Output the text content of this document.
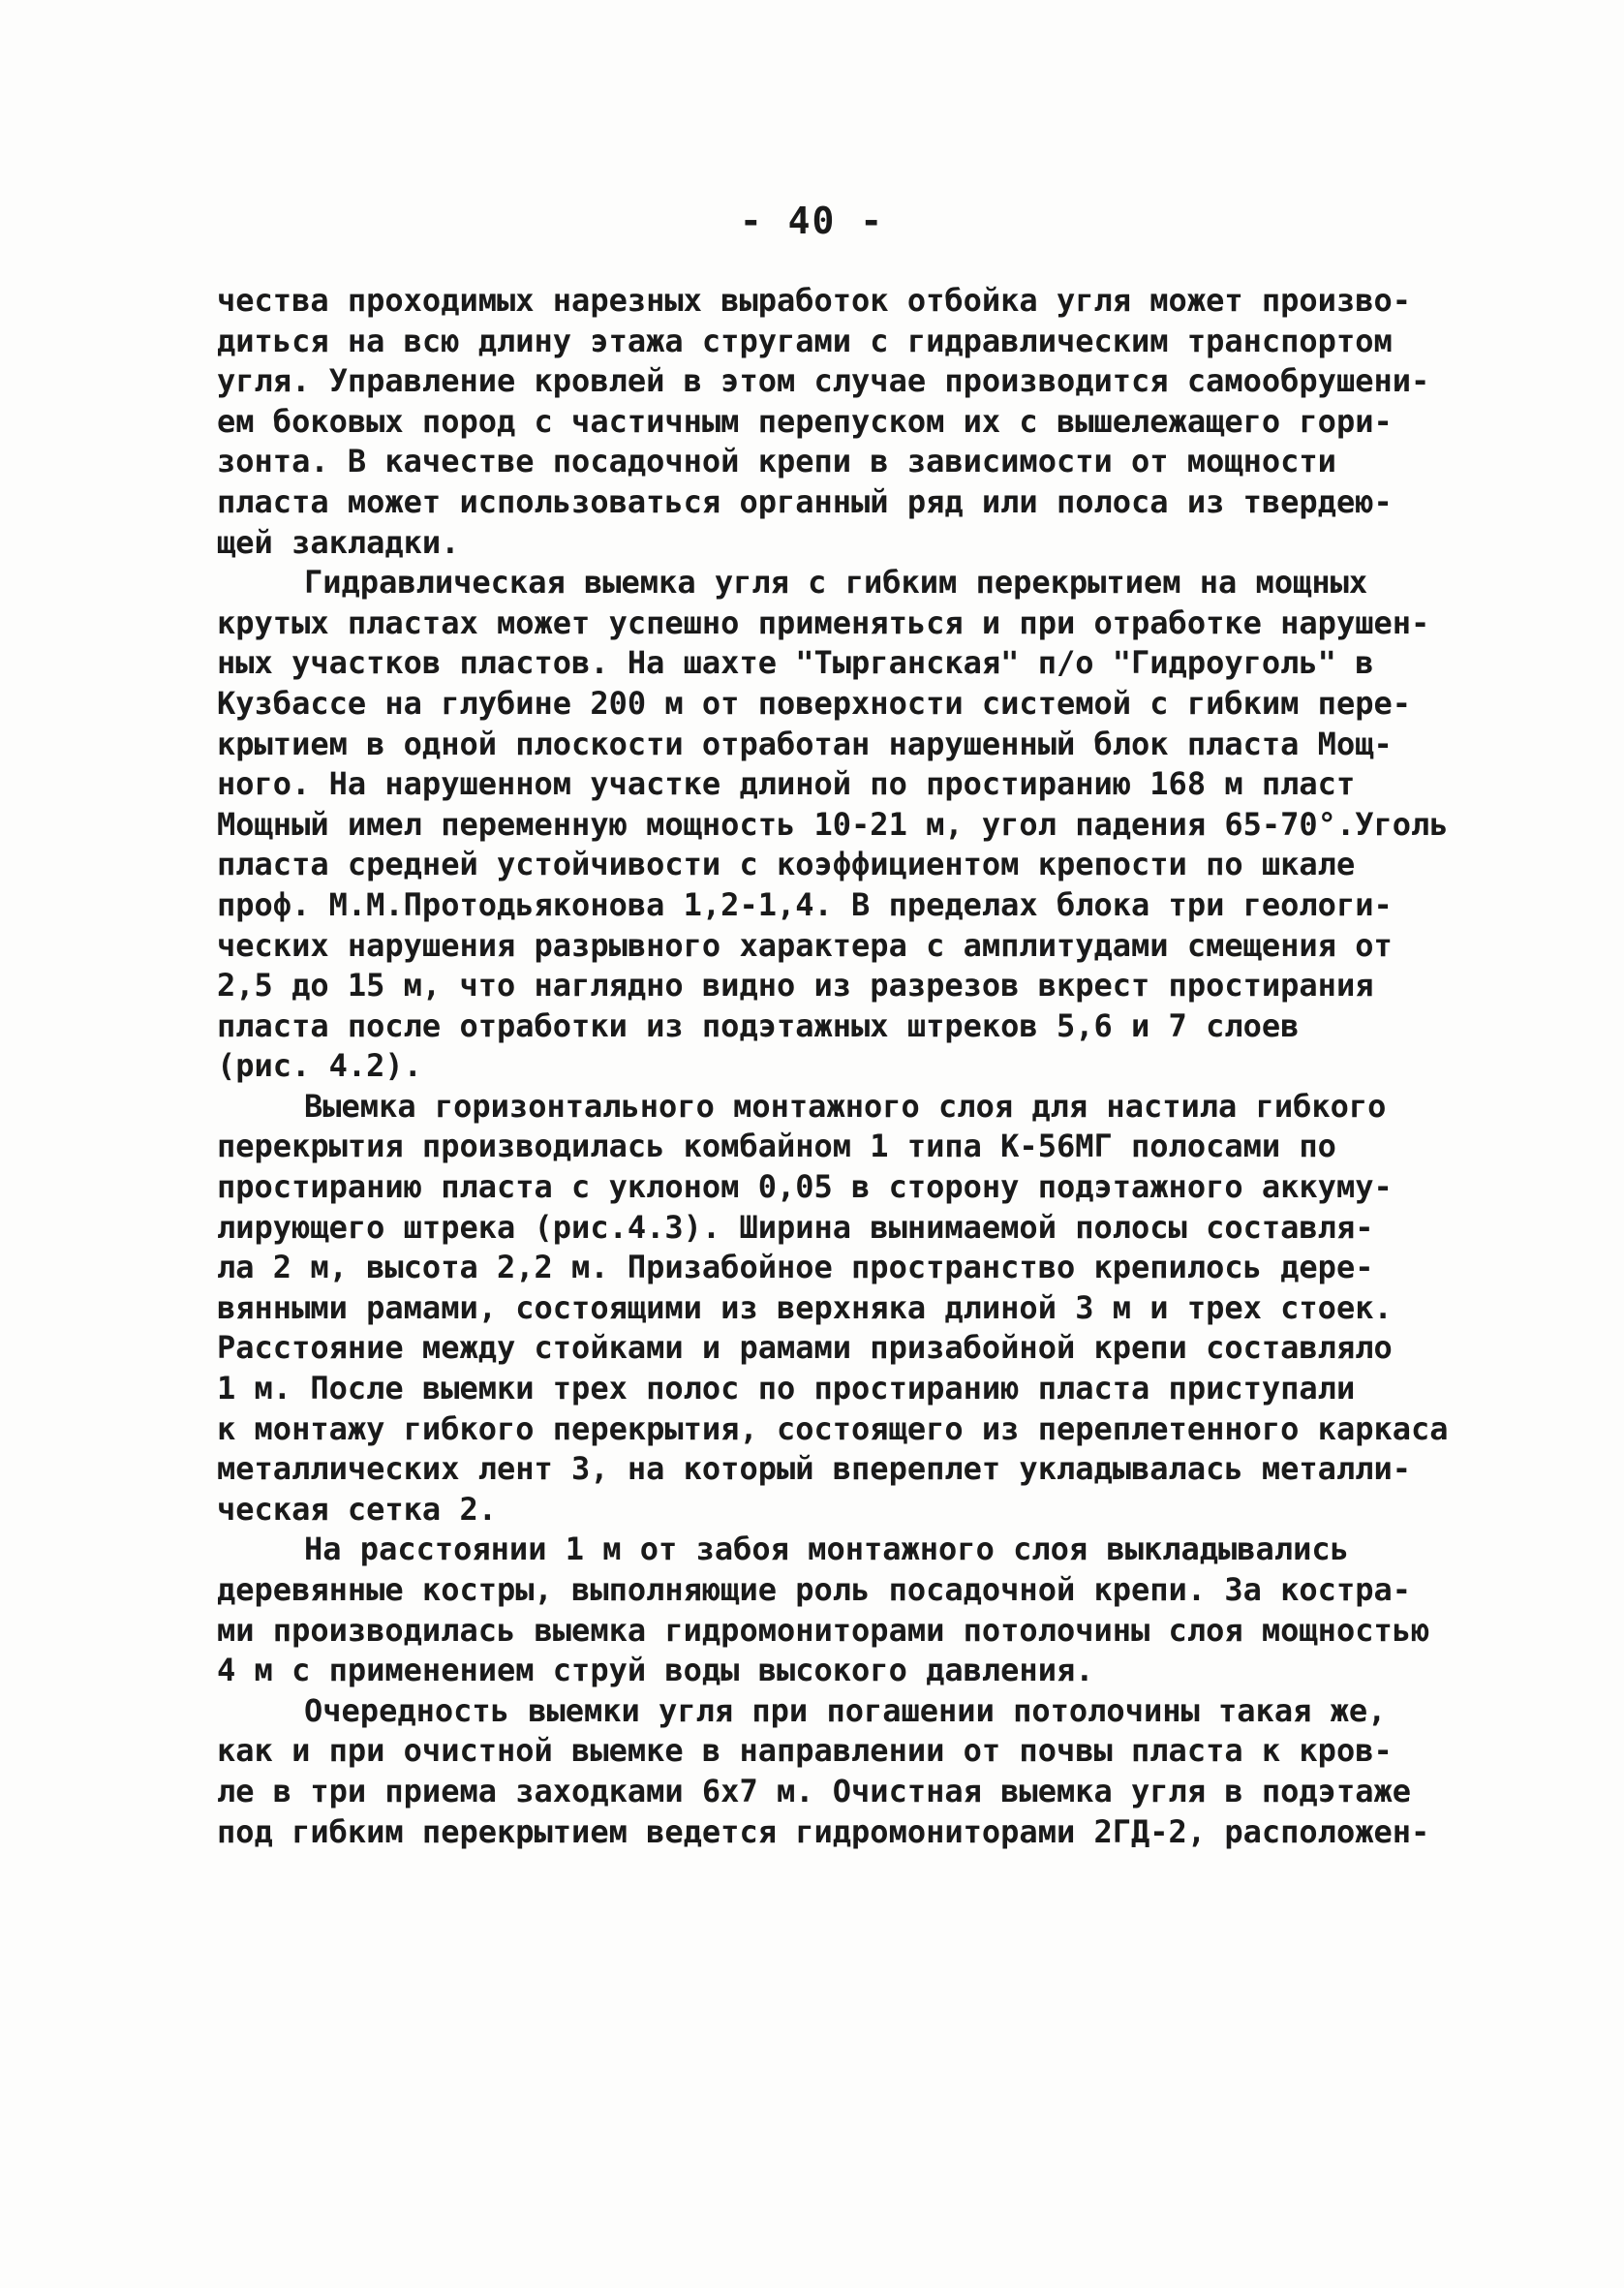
- 40 -
чества проходимых нарезных выработок отбойка угля может произво-
диться на всю длину этажа стругами с гидравлическим транспортом
угля. Управление кровлей в этом случае производится самообрушени-
ем боковых пород с частичным перепуском их с вышележащего гори-
зонта. В качестве посадочной крепи в зависимости от мощности
пласта может использоваться органный ряд или полоса из твердею-
щей закладки.
Гидравлическая выемка угля с гибким перекрытием на мощных
крутых пластах может успешно применяться и при отработке нарушен-
ных участков пластов. На шахте "Тырганская" п/о "Гидроуголь" в
Кузбассе на глубине 200 м от поверхности системой с гибким пере-
крытием в одной плоскости отработан нарушенный блок пласта Мощ-
ного. На нарушенном участке длиной по простиранию 168 м пласт
Мощный имел переменную мощность 10-21 м, угол падения 65-70°.Уголь
пласта средней устойчивости с коэффициентом крепости по шкале
проф. М.М.Протодьяконова 1,2-1,4. В пределах блока три геологи-
ческих нарушения разрывного характера с амплитудами смещения от
2,5 до 15 м, что наглядно видно из разрезов вкрест простирания
пласта после отработки из подэтажных штреков 5,6 и 7 слоев
(рис. 4.2).
Выемка горизонтального монтажного слоя для настила гибкого
перекрытия производилась комбайном 1 типа К-56МГ полосами по
простиранию пласта с уклоном 0,05 в сторону подэтажного аккуму-
лирующего штрека (рис.4.3). Ширина вынимаемой полосы составля-
ла 2 м, высота 2,2 м. Призабойное пространство крепилось дере-
вянными рамами, состоящими из верхняка длиной 3 м и трех стоек.
Расстояние между стойками и рамами призабойной крепи составляло
1 м. После выемки трех полос по простиранию пласта приступали
к монтажу гибкого перекрытия, состоящего из переплетенного каркаса
металлических лент 3, на который впереплет укладывалась металли-
ческая сетка 2.
На расстоянии 1 м от забоя монтажного слоя выкладывались
деревянные костры, выполняющие роль посадочной крепи. За костра-
ми производилась выемка гидромониторами потолочины слоя мощностью
4 м с применением струй воды высокого давления.
Очередность выемки угля при погашении потолочины такая же,
как и при очистной выемке в направлении от почвы пласта к кров-
ле в три приема заходками 6х7 м. Очистная выемка угля в подэтаже
под гибким перекрытием ведется гидромониторами 2ГД-2, расположен-
